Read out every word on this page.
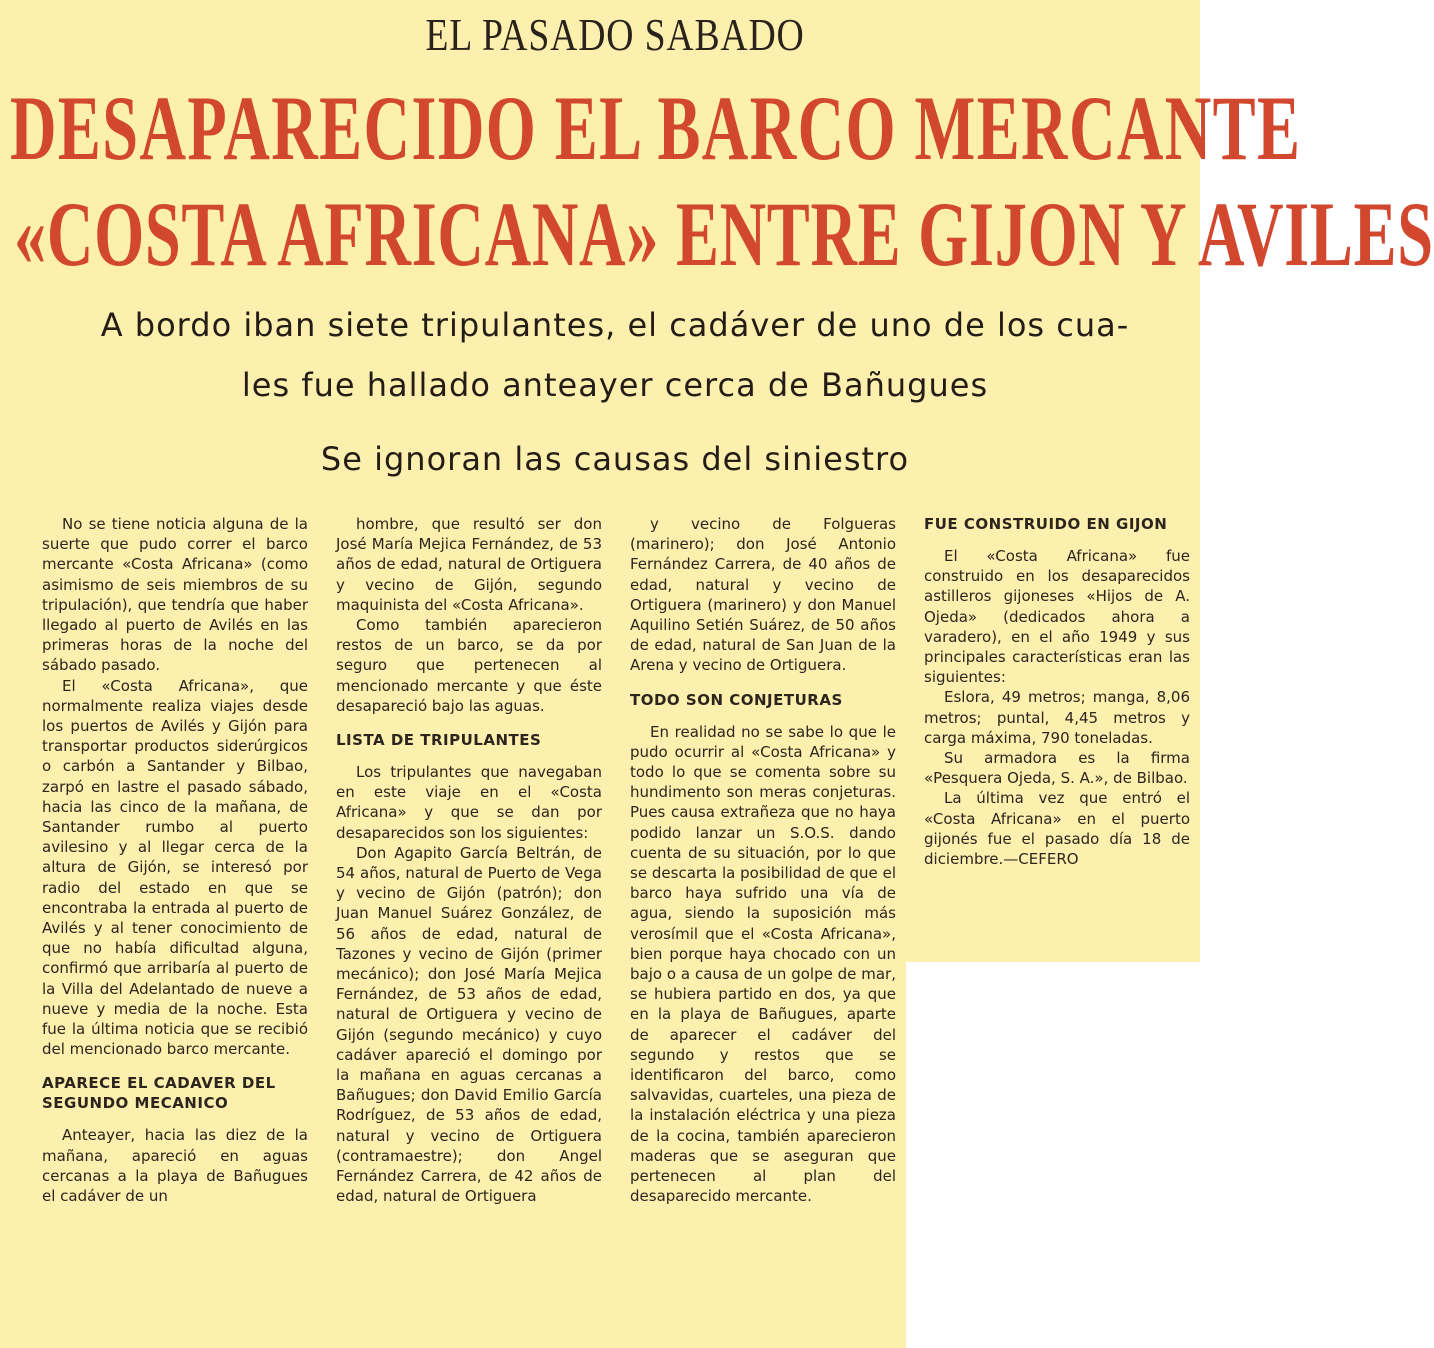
EL PASADO SABADO
DESAPARECIDO EL BARCO MERCANTE
«COSTA AFRICANA» ENTRE GIJON Y AVILES
A bordo iban siete tripulantes, el cadáver de uno de los cua-
les fue hallado anteayer cerca de Bañugues
Se ignoran las causas del siniestro

No se tiene noticia alguna de la suerte que pudo correr el barco mercante «Costa Africana» (como asimismo de seis miembros de su tripulación), que tendría que haber llegado al puerto de Avilés en las primeras horas de la noche del sábado pasado.

El «Costa Africana», que normalmente realiza viajes desde los puertos de Avilés y Gijón para transportar productos siderúrgicos o carbón a Santander y Bilbao, zarpó en lastre el pasado sábado, hacia las cinco de la mañana, de Santander rumbo al puerto avilesino y al llegar cerca de la altura de Gijón, se interesó por radio del estado en que se encontraba la entrada al puerto de Avilés y al tener conocimiento de que no había dificultad alguna, confirmó que arribaría al puerto de la Villa del Adelantado de nueve a nueve y media de la noche. Esta fue la última noticia que se recibió del mencionado barco mercante.

APARECE EL CADAVER DEL SEGUNDO MECANICO

Anteayer, hacia las diez de la mañana, apareció en aguas cercanas a la playa de Bañugues el cadáver de un

hombre, que resultó ser don José María Mejica Fernández, de 53 años de edad, natural de Ortiguera y vecino de Gijón, segundo maquinista del «Costa Africana».

Como también aparecieron restos de un barco, se da por seguro que pertenecen al mencionado mercante y que éste desapareció bajo las aguas.

LISTA DE TRIPULANTES

Los tripulantes que navegaban en este viaje en el «Costa Africana» y que se dan por desaparecidos son los siguientes:

Don Agapito García Beltrán, de 54 años, natural de Puerto de Vega y vecino de Gijón (patrón); don Juan Manuel Suárez González, de 56 años de edad, natural de Tazones y vecino de Gijón (primer mecánico); don José María Mejica Fernández, de 53 años de edad, natural de Ortiguera y vecino de Gijón (segundo mecánico) y cuyo cadáver apareció el domingo por la mañana en aguas cercanas a Bañugues; don David Emilio García Rodríguez, de 53 años de edad, natural y vecino de Ortiguera (contramaestre); don Angel Fernández Carrera, de 42 años de edad, natural de Ortiguera

y vecino de Folgueras (marinero); don José Antonio Fernández Carrera, de 40 años de edad, natural y vecino de Ortiguera (marinero) y don Manuel Aquilino Setién Suárez, de 50 años de edad, natural de San Juan de la Arena y vecino de Ortiguera.

TODO SON CONJETURAS

En realidad no se sabe lo que le pudo ocurrir al «Costa Africana» y todo lo que se comenta sobre su hundimento son meras conjeturas. Pues causa extrañeza que no haya podido lanzar un S.O.S. dando cuenta de su situación, por lo que se descarta la posibilidad de que el barco haya sufrido una vía de agua, siendo la suposición más verosímil que el «Costa Africana», bien porque haya chocado con un bajo o a causa de un golpe de mar, se hubiera partido en dos, ya que en la playa de Bañugues, aparte de aparecer el cadáver del segundo y restos que se identificaron del barco, como salvavidas, cuarteles, una pieza de la instalación eléctrica y una pieza de la cocina, también aparecieron maderas que se aseguran que pertenecen al plan del desaparecido mercante.

FUE CONSTRUIDO EN GIJON

El «Costa Africana» fue construido en los desaparecidos astilleros gijoneses «Hijos de A. Ojeda» (dedicados ahora a varadero), en el año 1949 y sus principales características eran las siguientes:

Eslora, 49 metros; manga, 8,06 metros; puntal, 4,45 metros y carga máxima, 790 toneladas.

Su armadora es la firma «Pesquera Ojeda, S. A.», de Bilbao.

La última vez que entró el «Costa Africana» en el puerto gijonés fue el pasado día 18 de diciembre.—CEFERO
